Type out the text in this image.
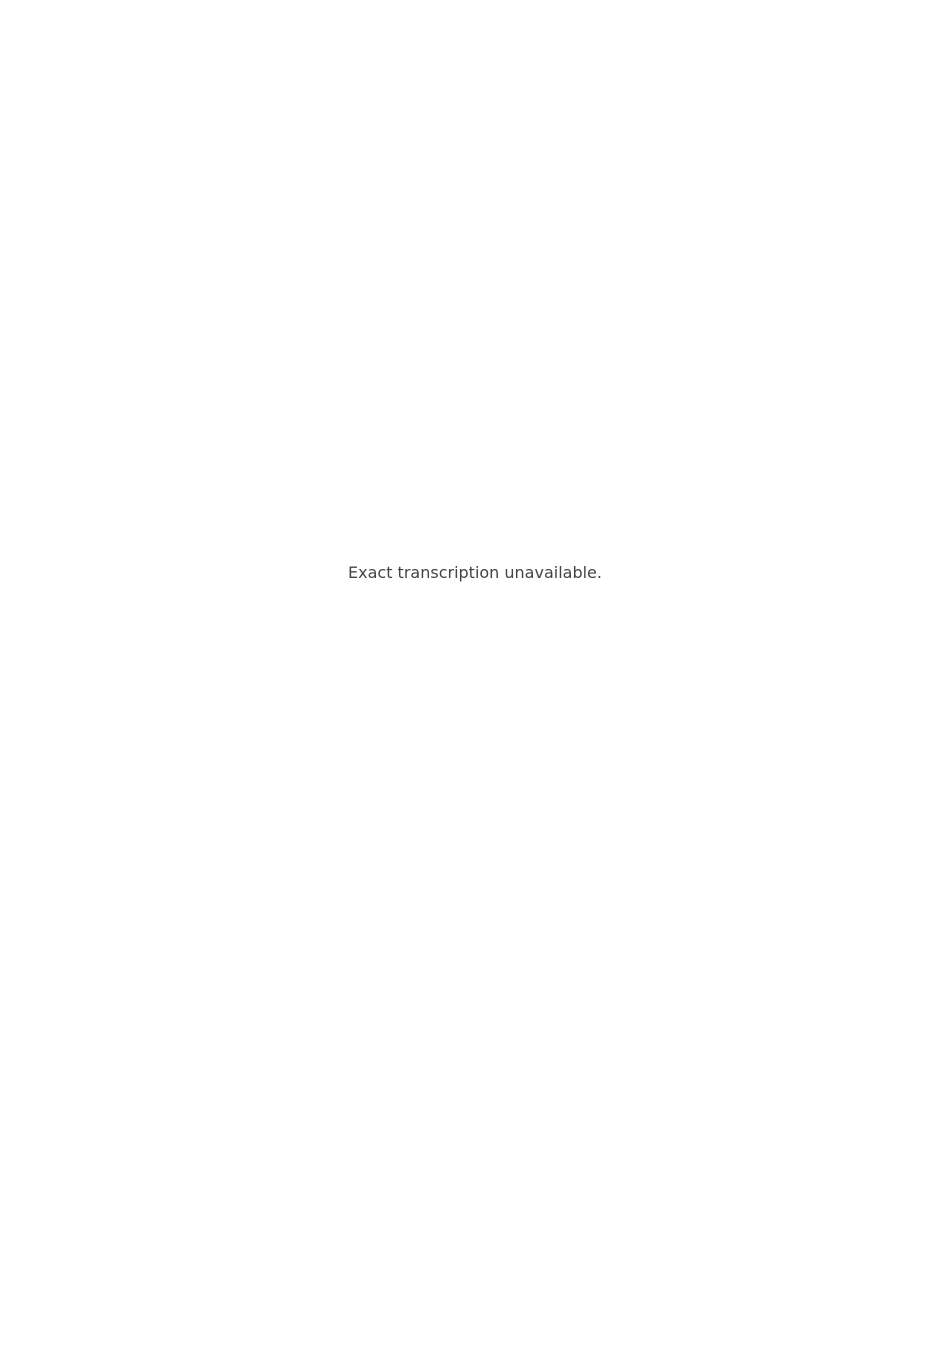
Exact transcription unavailable.
